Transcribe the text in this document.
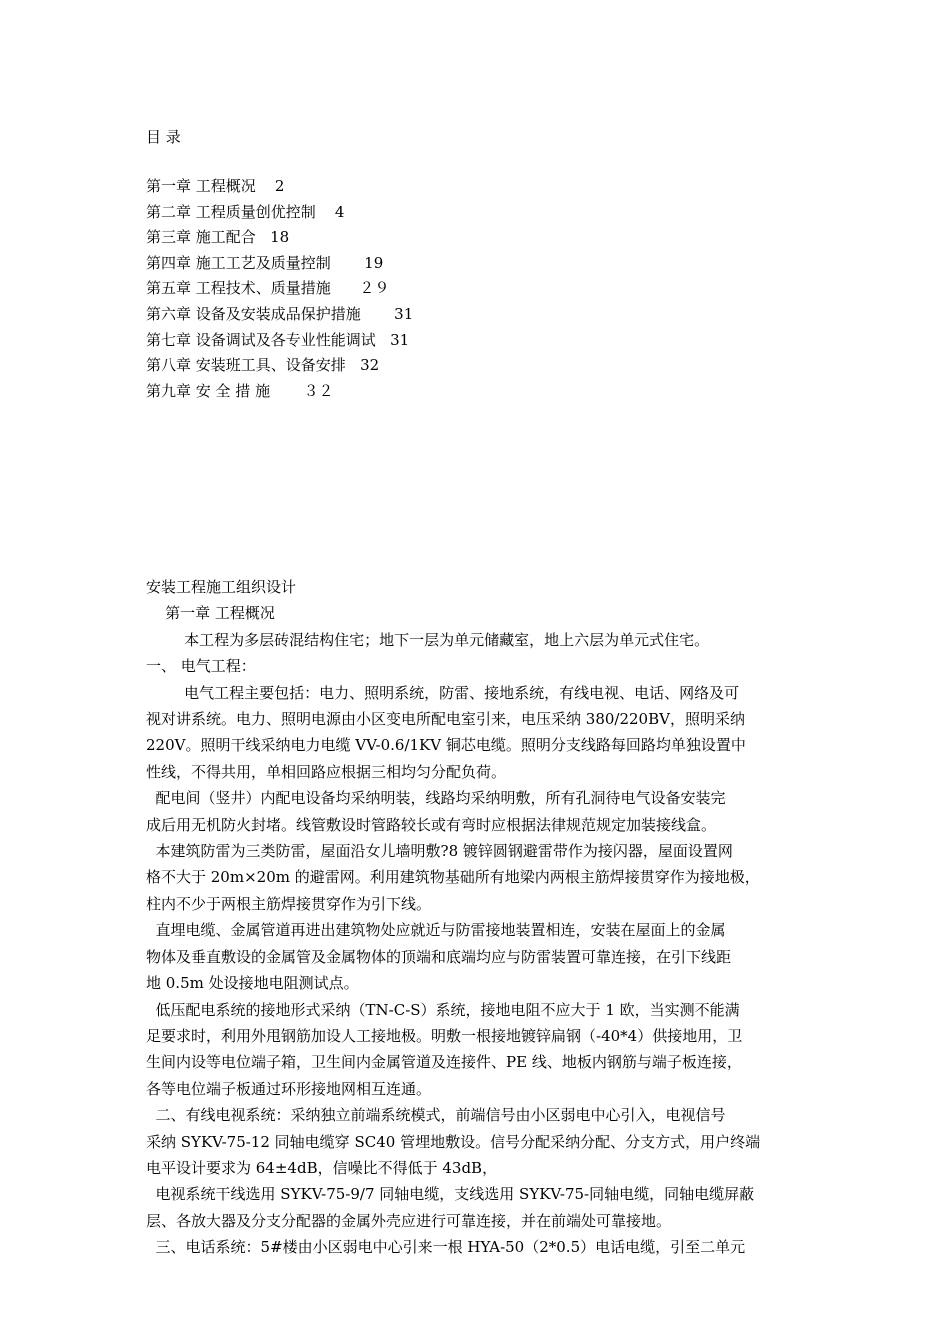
目 录
第一章 工程概况    2
第二章 工程质量创优控制    4
第三章 施工配合   18
第四章 施工工艺及质量控制       19
第五章 工程技术、质量措施      ２９
第六章 设备及安装成品保护措施       31
第七章 设备调试及各专业性能调试   31
第八章 安装班工具、设备安排   32
第九章 安 全 措 施       ３２
安装工程施工组织设计
第一章 工程概况
本工程为多层砖混结构住宅；地下一层为单元储藏室，地上六层为单元式住宅。
一、 电气工程：
电气工程主要包括：电力、照明系统，防雷、接地系统，有线电视、电话、网络及可
视对讲系统。电力、照明电源由小区变电所配电室引来，电压采纳 380/220BV，照明采纳
220V。照明干线采纳电力电缆 VV-0.6/1KV 铜芯电缆。照明分支线路每回路均单独设置中
性线，不得共用，单相回路应根据三相均匀分配负荷。
配电间（竖井）内配电设备均采纳明装，线路均采纳明敷，所有孔洞待电气设备安装完
成后用无机防火封堵。线管敷设时管路较长或有弯时应根据法律规范规定加装接线盒。
本建筑防雷为三类防雷，屋面沿女儿墙明敷?8 镀锌圆钢避雷带作为接闪器，屋面设置网
格不大于 20m×20m 的避雷网。利用建筑物基础所有地梁内两根主筋焊接贯穿作为接地极，
柱内不少于两根主筋焊接贯穿作为引下线。
直埋电缆、金属管道再进出建筑物处应就近与防雷接地装置相连，安装在屋面上的金属
物体及垂直敷设的金属管及金属物体的顶端和底端均应与防雷装置可靠连接，在引下线距
地 0.5m 处设接地电阻测试点。
低压配电系统的接地形式采纳（TN-C-S）系统，接地电阻不应大于 1 欧，当实测不能满
足要求时，利用外甩钢筋加设人工接地极。明敷一根接地镀锌扁钢（-40*4）供接地用，卫
生间内设等电位端子箱，卫生间内金属管道及连接件、PE 线、地板内钢筋与端子板连接，
各等电位端子板通过环形接地网相互连通。
二、有线电视系统：采纳独立前端系统模式，前端信号由小区弱电中心引入，电视信号
采纳 SYKV-75-12 同轴电缆穿 SC40 管埋地敷设。信号分配采纳分配、分支方式，用户终端
电平设计要求为 64±4dB，信噪比不得低于 43dB，
电视系统干线选用 SYKV-75-9/7 同轴电缆，支线选用 SYKV-75-同轴电缆，同轴电缆屏蔽
层、各放大器及分支分配器的金属外壳应进行可靠连接，并在前端处可靠接地。
三、电话系统：5#楼由小区弱电中心引来一根 HYA-50（2*0.5）电话电缆，引至二单元
